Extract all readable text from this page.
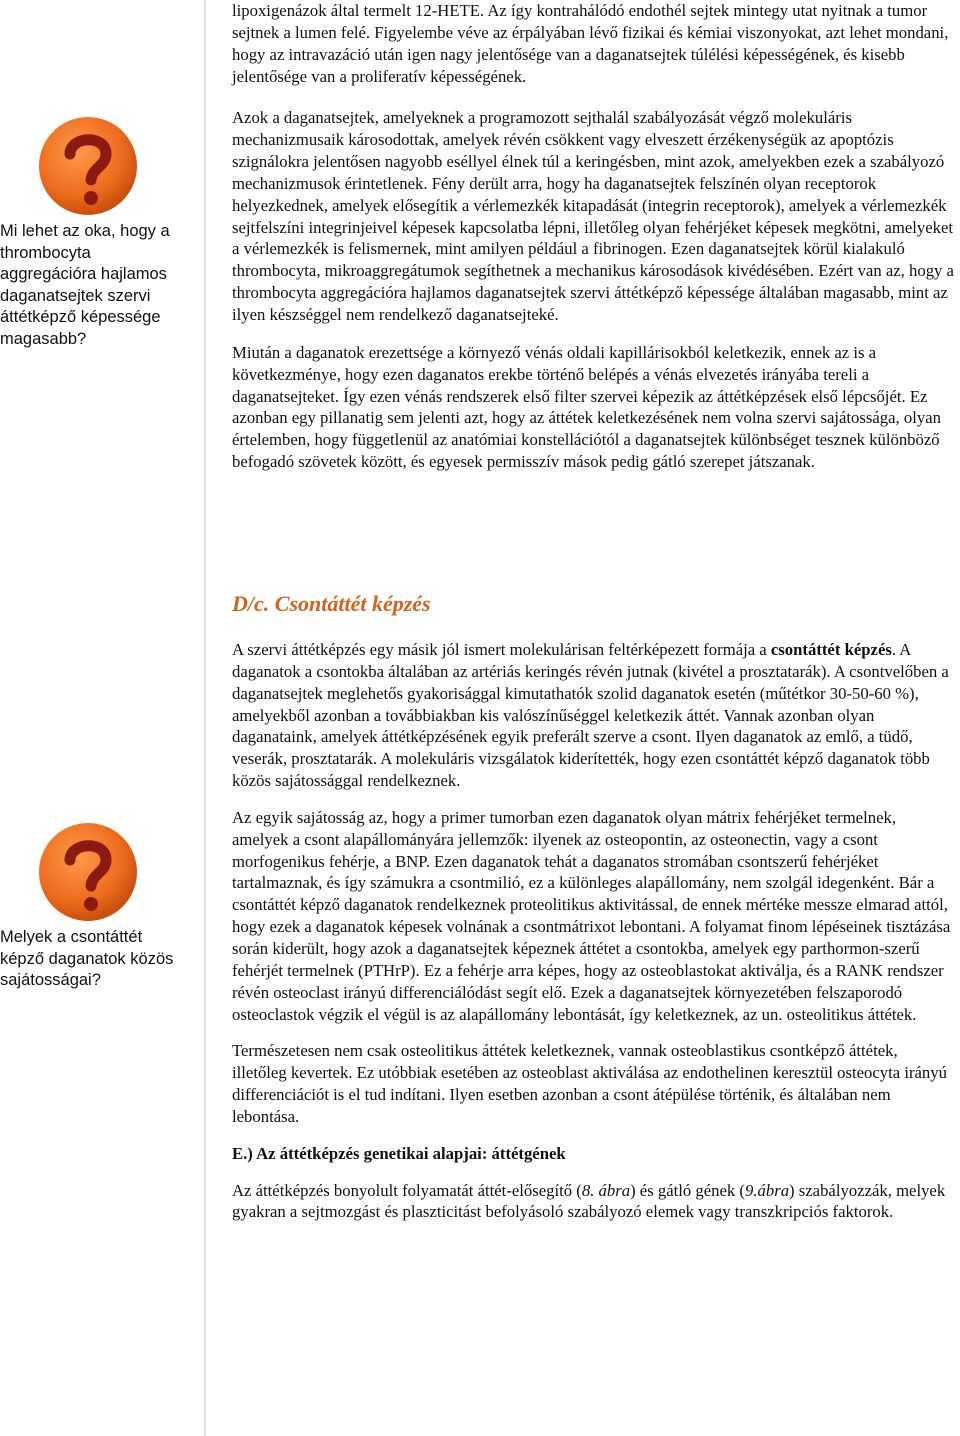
Mi lehet az oka, hogy a thrombocyta aggregációra hajlamos daganatsejtek szervi áttétképző képessége magasabb?
Melyek a csontáttét képző daganatok közös sajátosságai?

lipoxigenázok által termelt 12-HETE. Az így kontrahálódó endothél sejtek mintegy utat nyitnak a tumor sejtnek a lumen felé. Figyelembe véve az érpályában lévő fizikai és kémiai viszonyokat, azt lehet mondani, hogy az intravazáció után igen nagy jelentősége van a daganatsejtek túlélési képességének, és kisebb jelentősége van a proliferatív képességének.

Azok a daganatsejtek, amelyeknek a programozott sejthalál szabályozását végző molekuláris mechanizmusaik károsodottak, amelyek révén csökkent vagy elveszett érzékenységük az apoptózis szignálokra jelentősen nagyobb eséllyel élnek túl a keringésben, mint azok, amelyekben ezek a szabályozó mechanizmusok érintetlenek. Fény derült arra, hogy ha daganatsejtek felszínén olyan receptorok helyezkednek, amelyek elősegítik a vérlemezkék kitapadását (integrin receptorok), amelyek a vérlemezkék sejtfelszíni integrinjeivel képesek kapcsolatba lépni, illetőleg olyan fehérjéket képesek megkötni, amelyeket a vérlemezkék is felismernek, mint amilyen például a fibrinogen. Ezen daganatsejtek körül kialakuló thrombocyta, mikroaggregátumok segíthetnek a mechanikus károsodások kivédésében. Ezért van az, hogy a thrombocyta aggregációra hajlamos daganatsejtek szervi áttétképző képessége általában magasabb, mint az ilyen készséggel nem rendelkező daganatsejteké.

Miután a daganatok erezettsége a környező vénás oldali kapillárisokból keletkezik, ennek az is a következménye, hogy ezen daganatos erekbe történő belépés a vénás elvezetés irányába tereli a daganatsejteket. Így ezen vénás rendszerek első filter szervei képezik az áttétképzések első lépcsőjét. Ez azonban egy pillanatig sem jelenti azt, hogy az áttétek keletkezésének nem volna szervi sajátossága, olyan értelemben, hogy függetlenül az anatómiai konstellációtól a daganatsejtek különbséget tesznek különböző befogadó szövetek között, és egyesek permisszív mások pedig gátló szerepet játszanak.

D/c. Csontáttét képzés

A szervi áttétképzés egy másik jól ismert molekulárisan feltérképezett formája a csontáttét képzés. A daganatok a csontokba általában az artériás keringés révén jutnak (kivétel a prosztatarák). A csontvelőben a daganatsejtek meglehetős gyakorisággal kimutathatók szolid daganatok esetén (műtétkor 30-50-60 %), amelyekből azonban a továbbiakban kis valószínűséggel keletkezik áttét. Vannak azonban olyan daganataink, amelyek áttétképzésének egyik preferált szerve a csont. Ilyen daganatok az emlő, a tüdő, veserák, prosztatarák. A molekuláris vizsgálatok kiderítették, hogy ezen csontáttét képző daganatok több közös sajátossággal rendelkeznek.

Az egyik sajátosság az, hogy a primer tumorban ezen daganatok olyan mátrix fehérjéket termelnek, amelyek a csont alapállományára jellemzők: ilyenek az osteopontin, az osteonectin, vagy a csont morfogenikus fehérje, a BNP. Ezen daganatok tehát a daganatos stromában csontszerű fehérjéket tartalmaznak, és így számukra a csontmilió, ez a különleges alapállomány, nem szolgál idegenként. Bár a csontáttét képző daganatok rendelkeznek proteolitikus aktivitással, de ennek mértéke messze elmarad attól, hogy ezek a daganatok képesek volnának a csontmátrixot lebontani. A folyamat finom lépéseinek tisztázása során kiderült, hogy azok a daganatsejtek képeznek áttétet a csontokba, amelyek egy parthormon-szerű fehérjét termelnek (PTHrP). Ez a fehérje arra képes, hogy az osteoblastokat aktiválja, és a RANK rendszer révén osteoclast irányú differenciálódást segít elő. Ezek a daganatsejtek környezetében felszaporodó osteoclastok végzik el végül is az alapállomány lebontását, így keletkeznek, az un. osteolitikus áttétek.

Természetesen nem csak osteolitikus áttétek keletkeznek, vannak osteoblastikus csontképző áttétek, illetőleg kevertek. Ez utóbbiak esetében az osteoblast aktiválása az endothelinen keresztül osteocyta irányú differenciációt is el tud indítani. Ilyen esetben azonban a csont átépülése történik, és általában nem lebontása.

E.) Az áttétképzés genetikai alapjai: áttétgének

Az áttétképzés bonyolult folyamatát áttét-elősegítő (8. ábra) és gátló gének (9.ábra) szabályozzák, melyek gyakran a sejtmozgást és plaszticitást befolyásoló szabályozó elemek vagy transzkripciós faktorok.
